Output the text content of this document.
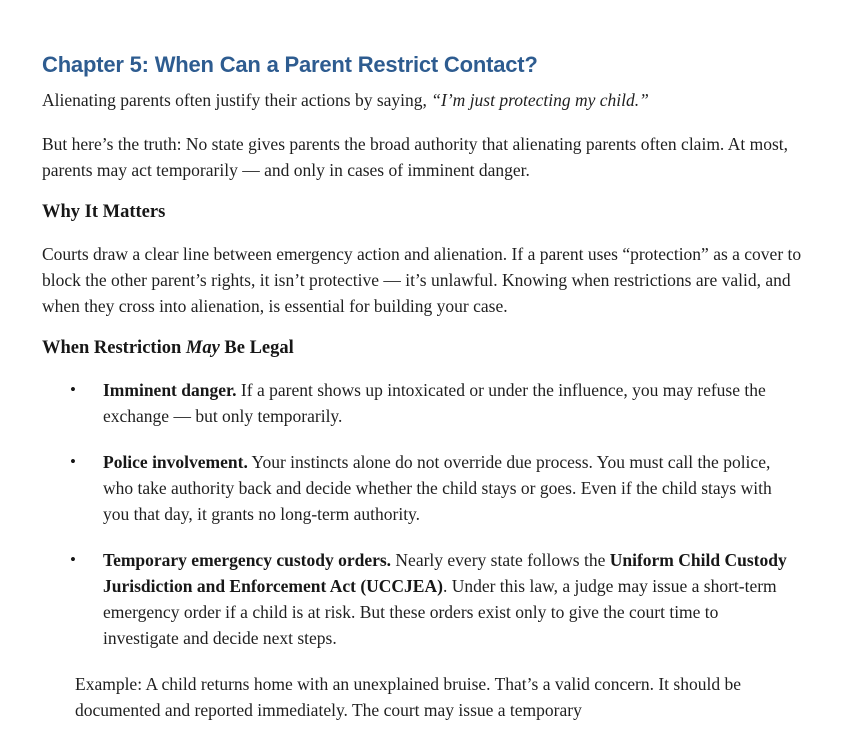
Chapter 5: When Can a Parent Restrict Contact?

Alienating parents often justify their actions by saying, “I’m just protecting my child.”

But here’s the truth: No state gives parents the broad authority that alienating parents often claim. At most, parents may act temporarily — and only in cases of imminent danger.

Why It Matters

Courts draw a clear line between emergency action and alienation. If a parent uses “protection” as a cover to block the other parent’s rights, it isn’t protective — it’s unlawful. Knowing when restrictions are valid, and when they cross into alienation, is essential for building your case.

When Restriction May Be Legal
• Imminent danger. If a parent shows up intoxicated or under the influence, you may refuse the exchange — but only temporarily.
• Police involvement. Your instincts alone do not override due process. You must call the police, who take authority back and decide whether the child stays or goes. Even if the child stays with you that day, it grants no long-term authority.
• Temporary emergency custody orders. Nearly every state follows the Uniform Child Custody Jurisdiction and Enforcement Act (UCCJEA). Under this law, a judge may issue a short-term emergency order if a child is at risk. But these orders exist only to give the court time to investigate and decide next steps.

Example: A child returns home with an unexplained bruise. That’s a valid concern. It should be documented and reported immediately. The court may issue a temporary
